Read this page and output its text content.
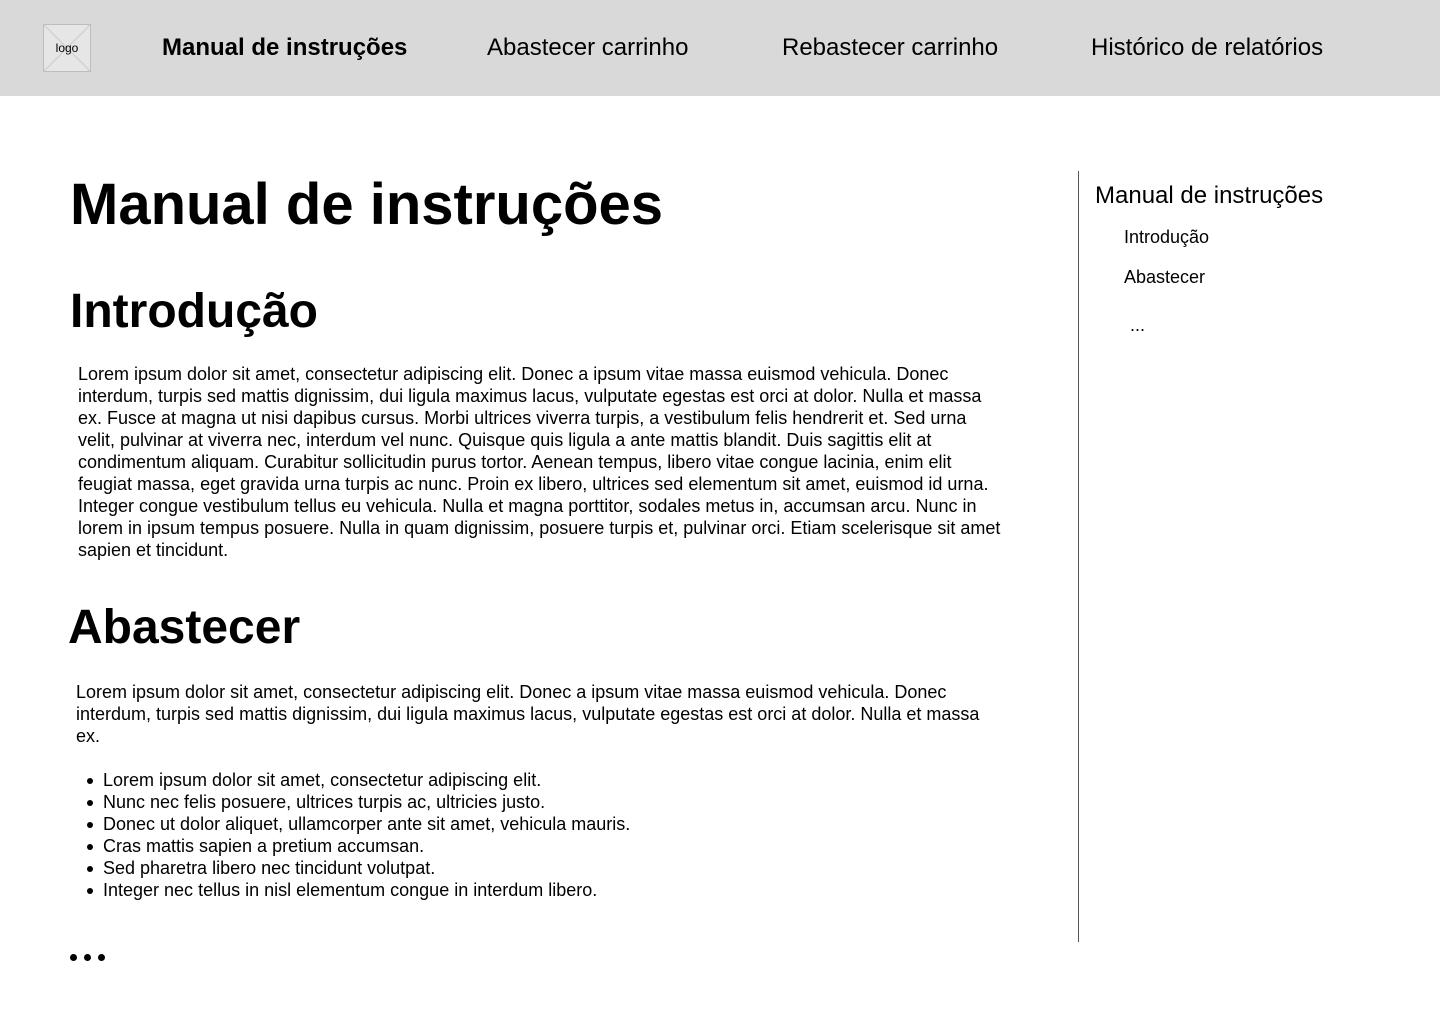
logo	Manual de instruções	Abastecer carrinho	Rebastecer carrinho	Histórico de relatórios
Manual de instruções
Introdução

Lorem ipsum dolor sit amet, consectetur adipiscing elit. Donec a ipsum vitae massa euismod vehicula. Donec interdum, turpis sed mattis dignissim, dui ligula maximus lacus, vulputate egestas est orci at dolor. Nulla et massa ex. Fusce at magna ut nisi dapibus cursus. Morbi ultrices viverra turpis, a vestibulum felis hendrerit et. Sed urna velit, pulvinar at viverra nec, interdum vel nunc. Quisque quis ligula a ante mattis blandit. Duis sagittis elit at condimentum aliquam. Curabitur sollicitudin purus tortor. Aenean tempus, libero vitae congue lacinia, enim elit feugiat massa, eget gravida urna turpis ac nunc. Proin ex libero, ultrices sed elementum sit amet, euismod id urna. Integer congue vestibulum tellus eu vehicula. Nulla et magna porttitor, sodales metus in, accumsan arcu. Nunc in lorem in ipsum tempus posuere. Nulla in quam dignissim, posuere turpis et, pulvinar orci. Etiam scelerisque sit amet sapien et tincidunt.

Abastecer

Lorem ipsum dolor sit amet, consectetur adipiscing elit. Donec a ipsum vitae massa euismod vehicula. Donec interdum, turpis sed mattis dignissim, dui ligula maximus lacus, vulputate egestas est orci at dolor. Nulla et massa ex.

Lorem ipsum dolor sit amet, consectetur adipiscing elit.
Nunc nec felis posuere, ultrices turpis ac, ultricies justo.
Donec ut dolor aliquet, ullamcorper ante sit amet, vehicula mauris.
Cras mattis sapien a pretium accumsan.
Sed pharetra libero nec tincidunt volutpat.
Integer nec tellus in nisl elementum congue in interdum libero.
Manual de instruções
Introdução
Abastecer
...
